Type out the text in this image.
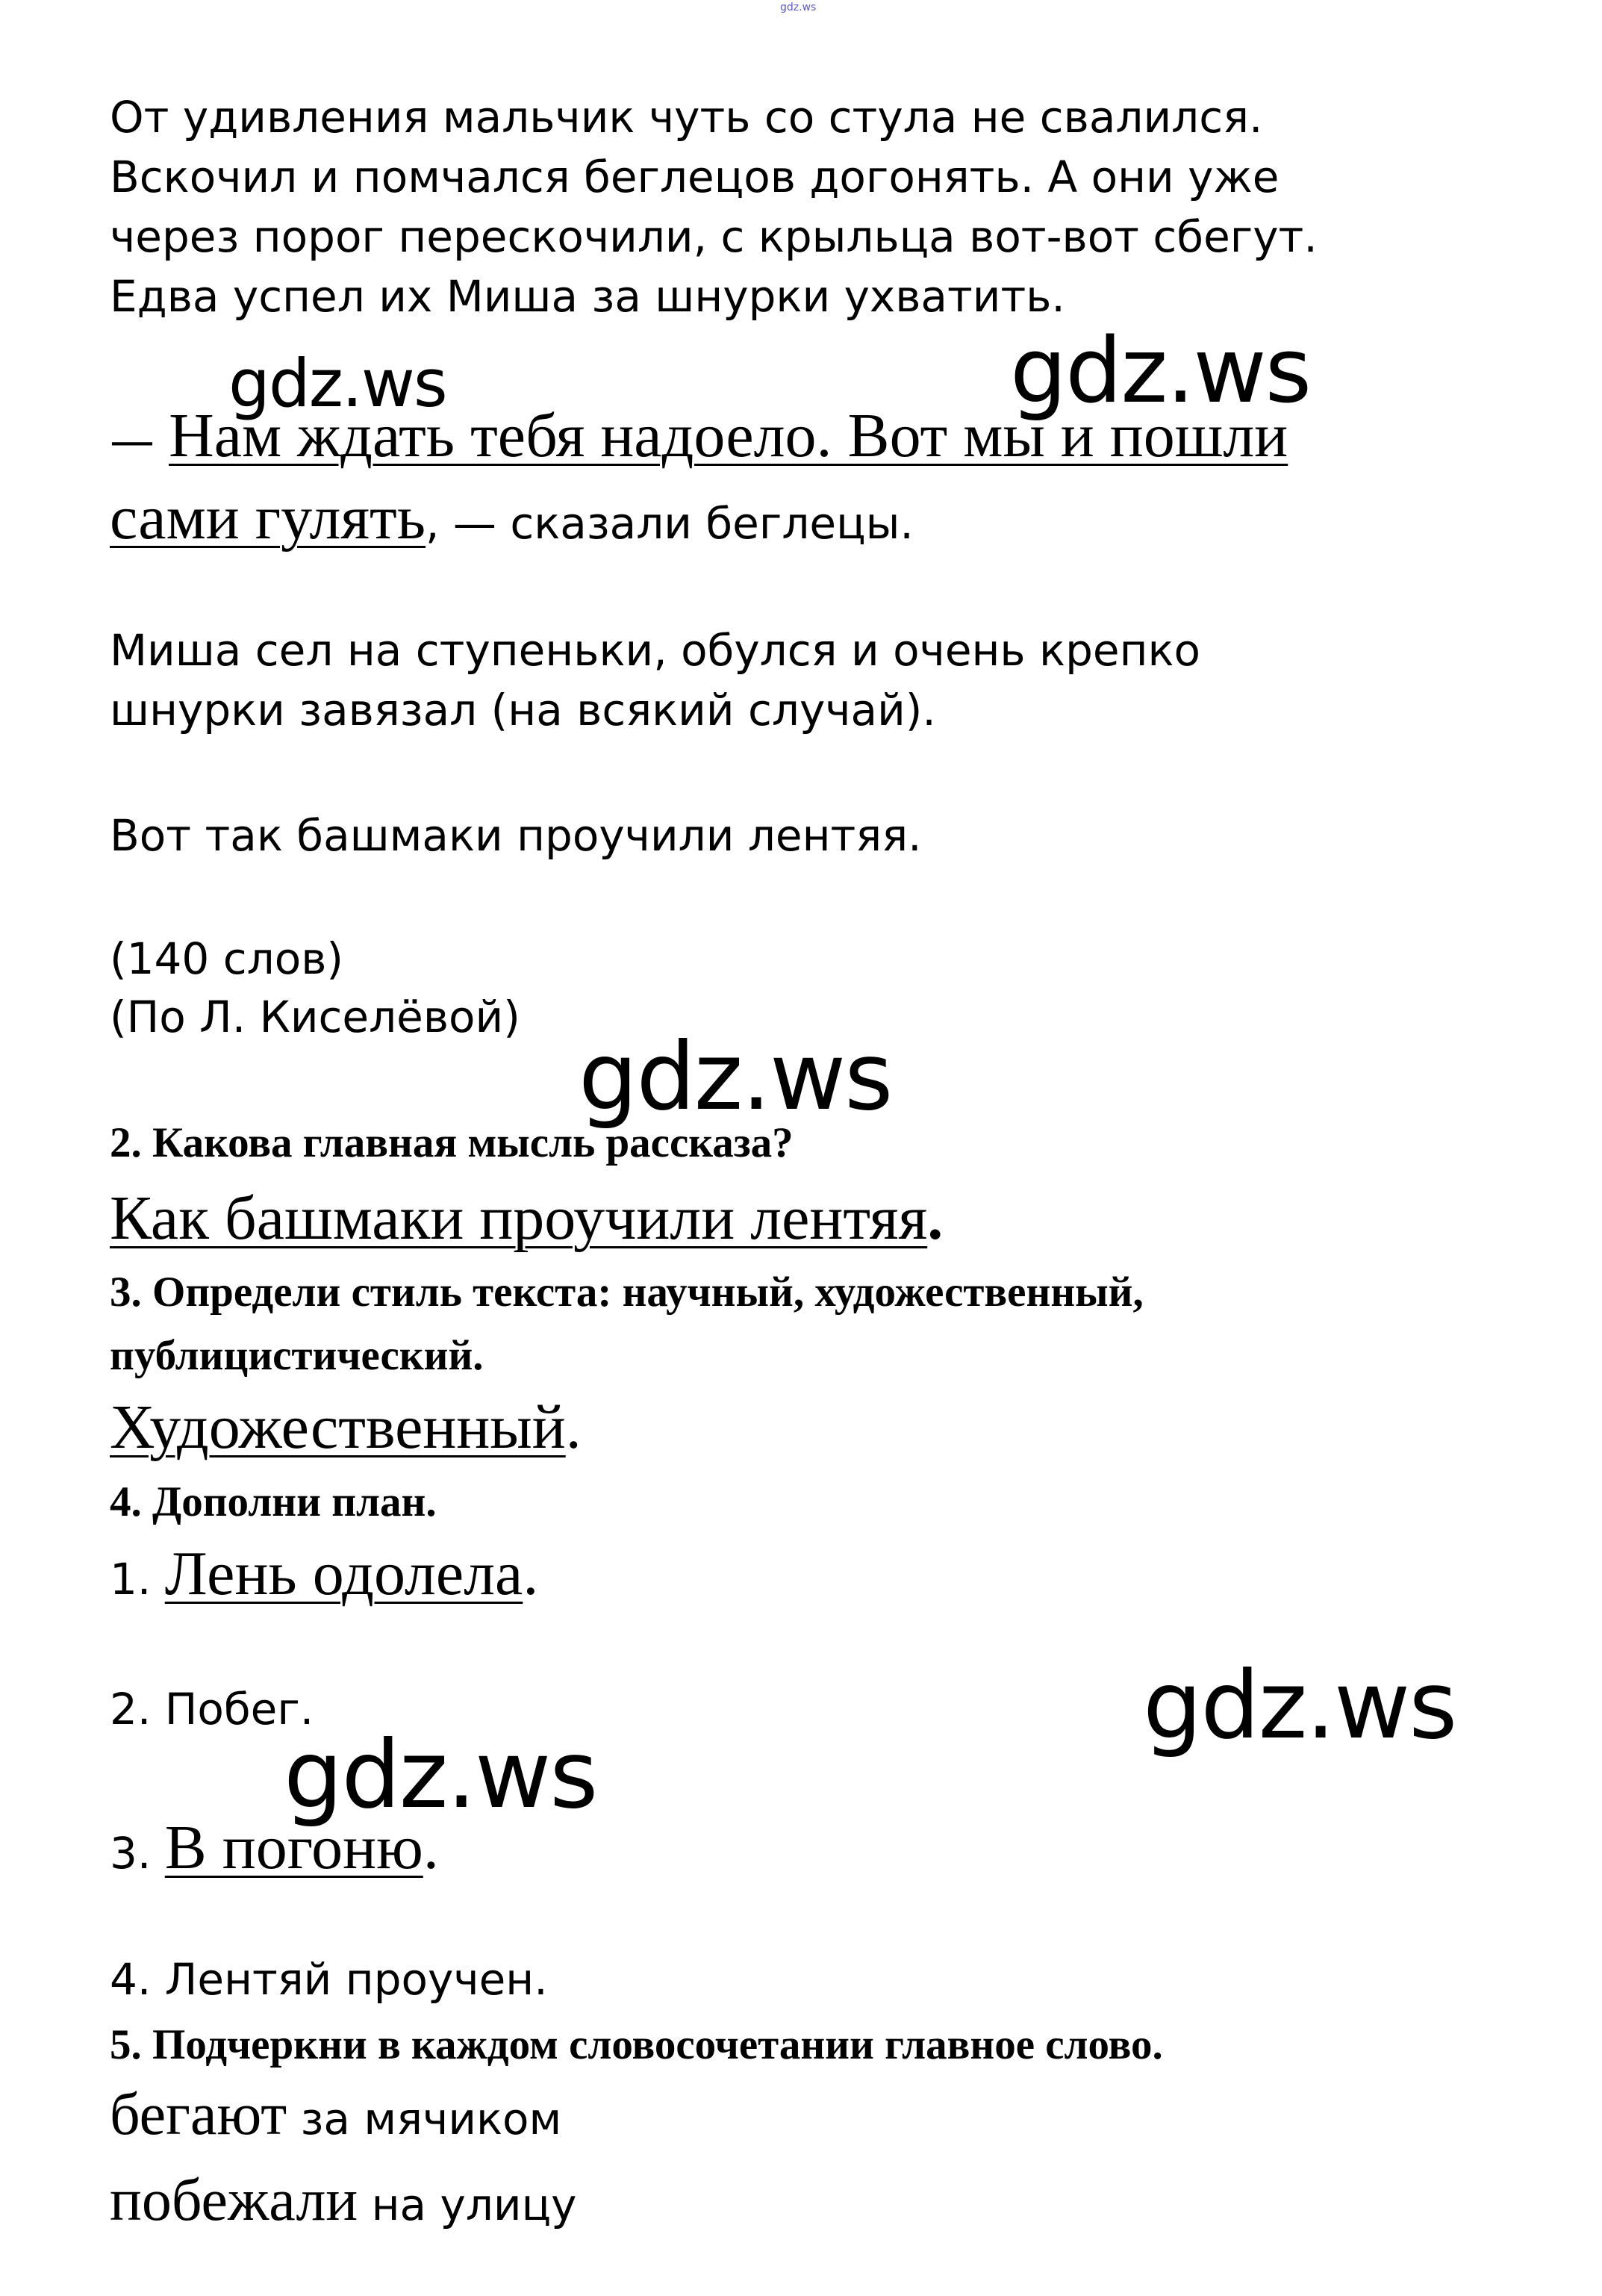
gdz.ws
От удивления мальчик чуть со стула не свалился.
Вскочил и помчался беглецов догонять. А они уже
через порог перескочили, с крыльца вот-вот сбегут.
Едва успел их Миша за шнурки ухватить.
— Нам ждать тебя надоело. Вот мы и пошли
сами гулять, — сказали беглецы.
Миша сел на ступеньки, обулся и очень крепко
шнурки завязал (на всякий случай).
Вот так башмаки проучили лентяя.
(140 слов)
(По Л. Киселёвой)
2. Какова главная мысль рассказа?
Как башмаки проучили лентяя.
3. Определи стиль текста: научный, художественный,
публицистический.
Художественный.
4. Дополни план.
1. Лень одолела.
2. Побег.
3. В погоню.
4. Лентяй проучен.
5. Подчеркни в каждом словосочетании главное слово.
бегают за мячиком
побежали на улицу
gdz.ws	gdz.ws
gdz.ws
gdz.ws
gdz.ws
